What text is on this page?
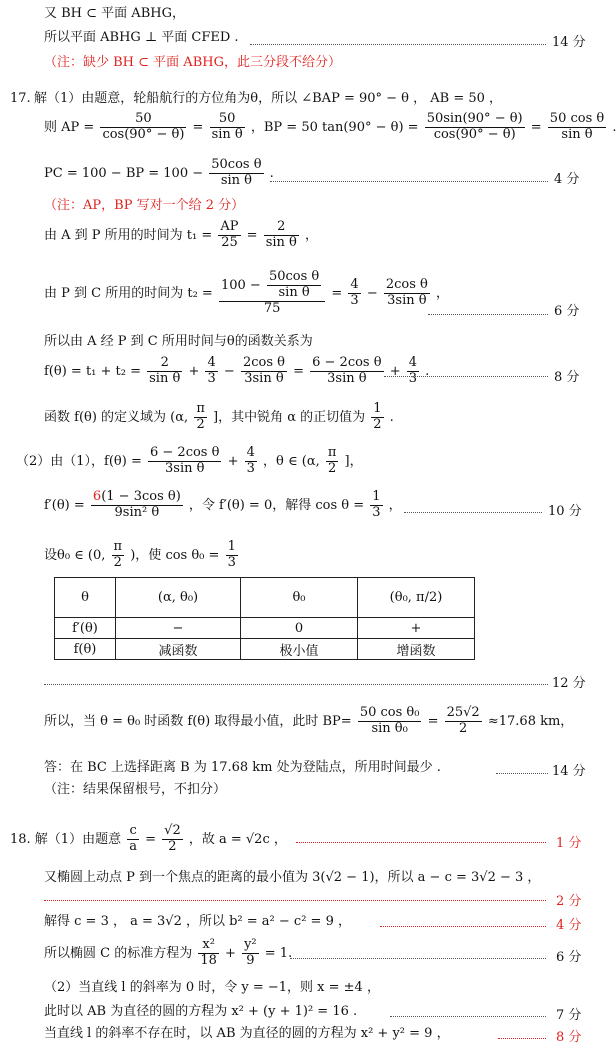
又 BH ⊂ 平面 ABHG，
所以平面 ABHG ⊥ 平面 CFED .	14 分
（注：缺少 BH ⊂ 平面 ABHG，此三分段不给分）
17. 解（1）由题意，轮船航行的方位角为θ，所以 ∠BAP = 90° − θ ， AB = 50 ，
则 AP = $\frac{50}{\cos(90^\circ - \theta)} = \frac{50}{\text{sin θ}}$ ，BP = 50 $\tan(90^\circ - \theta) = \frac{50\sin(90^\circ - \theta)}{\cos(90^\circ - \theta)} = \frac{\text{50 cos θ}}{\text{sin θ}}$ .
PC = 100 − BP = $100 - \frac{\text{50cos θ}}{\text{sin θ}}$ .	4 分
（注：AP，BP 写对一个给 2 分）
由 A 到 P 所用的时间为 $t_1 = \frac{AP}{25} = \frac{2}{\text{sin θ}}$ ，
由 P 到 C 所用的时间为 $t_2 = \frac{100 - \frac{\text{50cos θ}}{\text{sin θ}}}{75} = \frac{4}{3} - \frac{\text{2cos θ}}{\text{3sin θ}}$ ，
6 分
所以由 A 经 P 到 C 所用时间与θ的函数关系为
$f(\theta) = t_1 + t_2 = \frac{2}{\text{sin θ}} + \frac{4}{3} - \frac{\text{2cos θ}}{\text{3sin θ}} = \frac{\text{6 − 2cos θ}}{\text{3sin θ}} + \frac{4}{3}$ .	8 分
函数 f(θ) 的定义域为 (α, $\frac{\pi}{2}$ ]，其中锐角 α 的正切值为 $\frac{1}{2}$ .
（2）由（1），$f(\theta) = \frac{\text{6 − 2cos θ}}{\text{3sin θ}} + \frac{4}{3}$ ，θ ∈ (α, $\frac{\pi}{2}$ ]，
$f'(\theta) = \frac{\text{6(1 − 3cos θ)}}{\text{9sin² θ}}$ ，令 f′(θ) = 0，解得 $\cos \theta = \frac{1}{3}$ ，	10 分
设θ₀ ∈ (0, $\frac{\pi}{2}$ )，使 $\cos \theta_0 = \frac{1}{3}$
θ	(α, θ₀)	θ₀	(θ₀, π/2)
f′(θ)	−	0	+
f(θ)	减函数	极小值	增函数
12 分
所以，当 θ = θ₀ 时函数 f(θ) 取得最小值，此时 $BP= \frac{\text{50 cos θ₀}}{\text{sin θ₀}} = \frac{25√2}{2} \approx 17.68$ km，
答：在 BC 上选择距离 B 为 17.68 km 处为登陆点，所用时间最少 .	14 分
（注：结果保留根号，不扣分）
18. 解（1）由题意 $\frac{c}{a} = \frac{√2}{2}$ ，故 a = √2c ，	1 分
又椭圆上动点 P 到一个焦点的距离的最小值为 3(√2 − 1)，所以 a − c = 3√2 − 3 ，
2 分
解得 c = 3 ， a = 3√2 ，所以 b² = a² − c² = 9 ，	4 分
所以椭圆 C 的标准方程为 $\frac{\text{x²}}{18} + \frac{\text{y²}}{9} = 1$.	6 分
（2）当直线 l 的斜率为 0 时，令 y = −1，则 x = ±4 ，
此时以 AB 为直径的圆的方程为 x² + (y + 1)² = 16 .	7 分
当直线 l 的斜率不存在时，以 AB 为直径的圆的方程为 x² + y² = 9 ，	8 分
